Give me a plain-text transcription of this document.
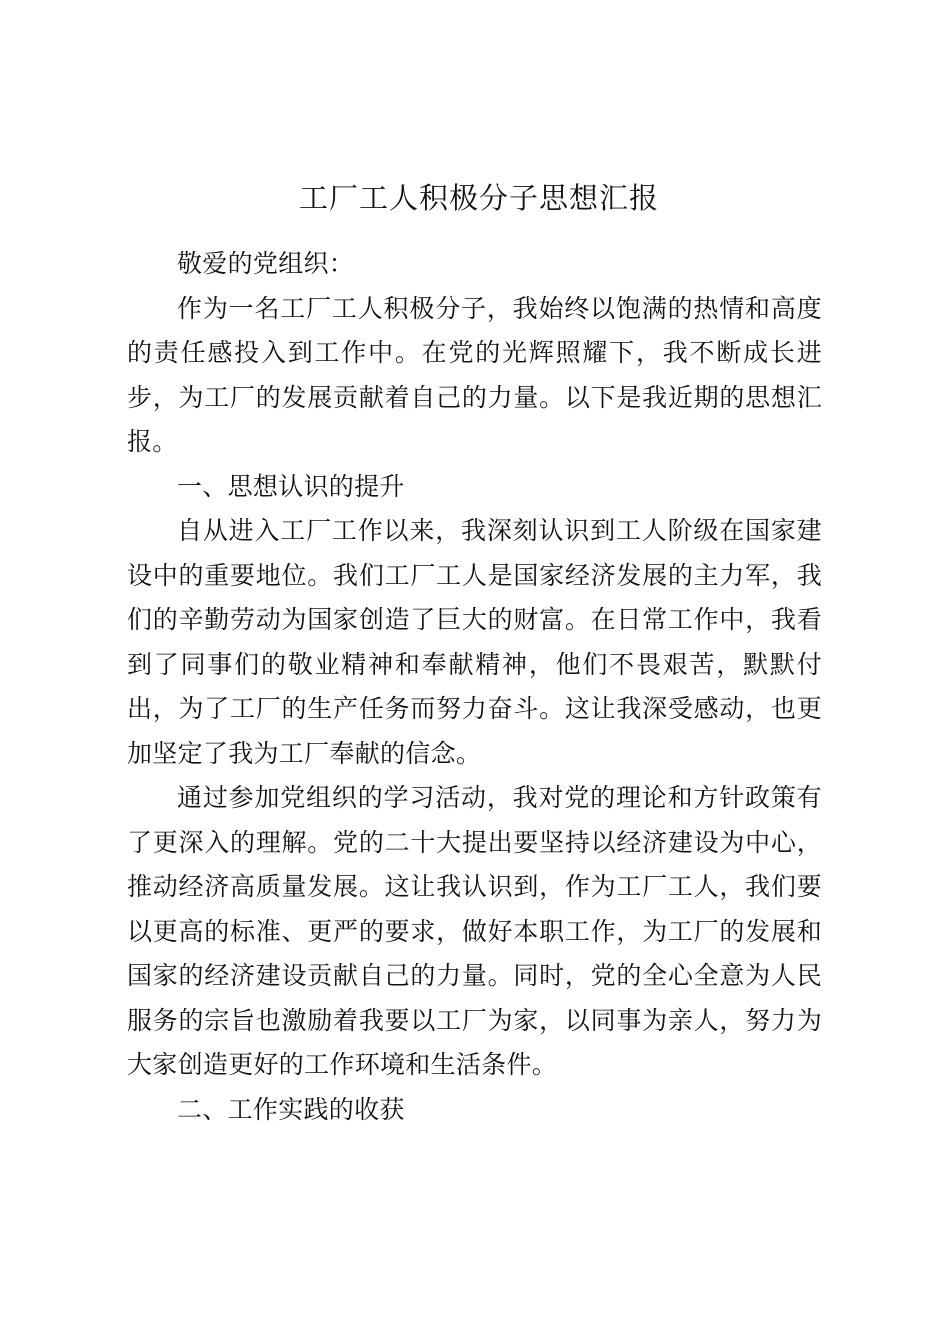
工厂工人积极分子思想汇报

敬爱的党组织：

作为一名工厂工人积极分子，我始终以饱满的热情和高度的责任感投入到工作中。在党的光辉照耀下，我不断成长进步，为工厂的发展贡献着自己的力量。以下是我近期的思想汇报。

一、思想认识的提升

自从进入工厂工作以来，我深刻认识到工人阶级在国家建设中的重要地位。我们工厂工人是国家经济发展的主力军，我们的辛勤劳动为国家创造了巨大的财富。在日常工作中，我看到了同事们的敬业精神和奉献精神，他们不畏艰苦，默默付出，为了工厂的生产任务而努力奋斗。这让我深受感动，也更加坚定了我为工厂奉献的信念。

通过参加党组织的学习活动，我对党的理论和方针政策有了更深入的理解。党的二十大提出要坚持以经济建设为中心，推动经济高质量发展。这让我认识到，作为工厂工人，我们要以更高的标准、更严的要求，做好本职工作，为工厂的发展和国家的经济建设贡献自己的力量。同时，党的全心全意为人民服务的宗旨也激励着我要以工厂为家，以同事为亲人，努力为大家创造更好的工作环境和生活条件。

二、工作实践的收获
